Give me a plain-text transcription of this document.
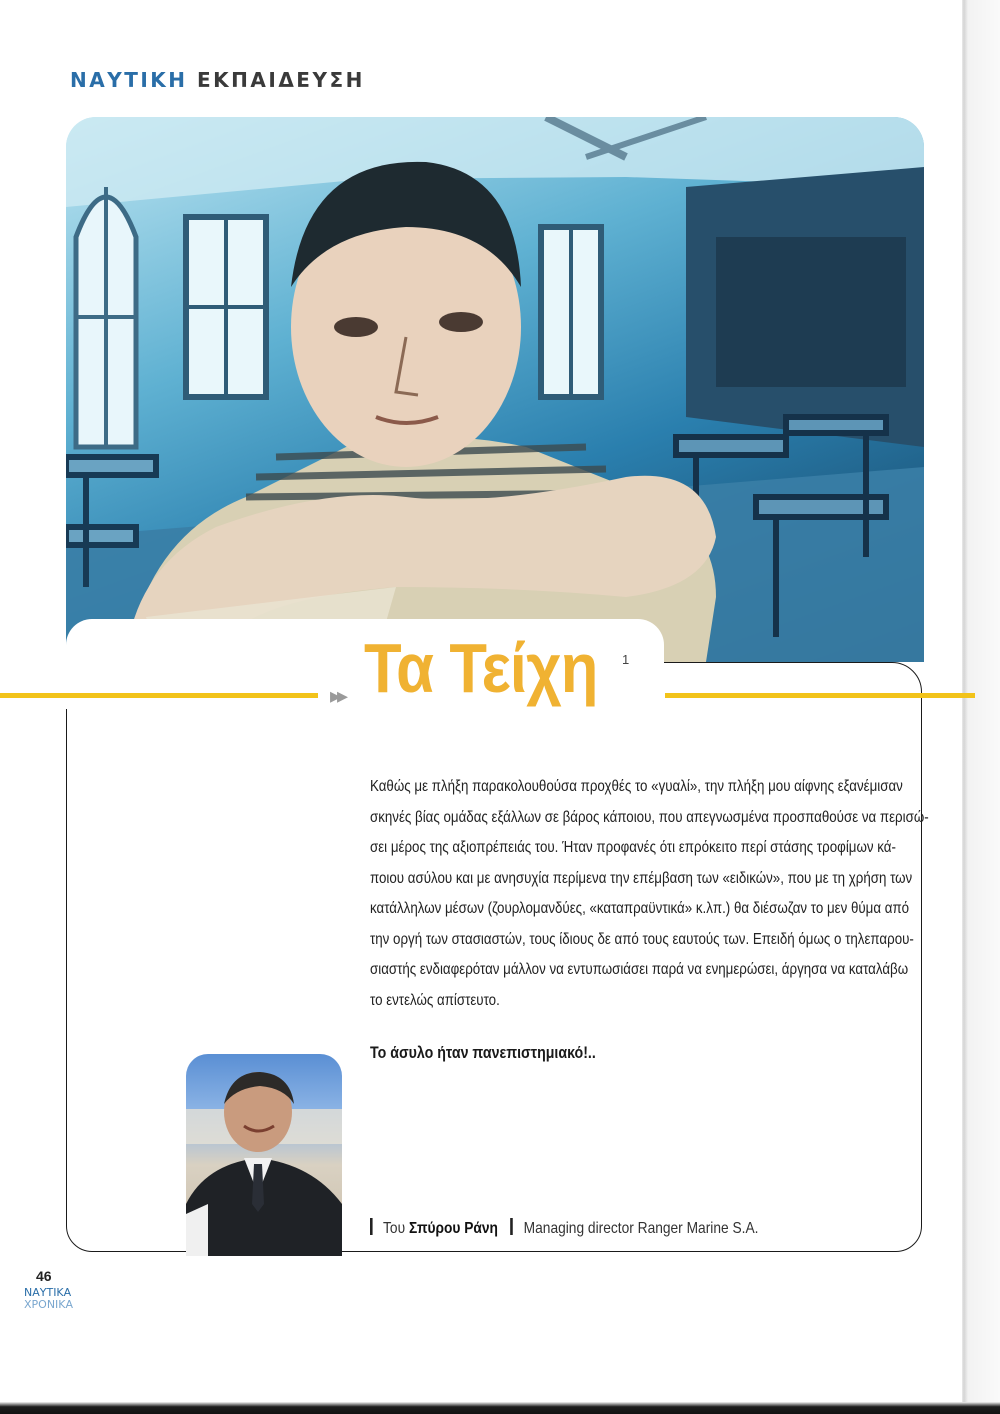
ΝΑΥΤΙΚΗ ΕΚΠΑΙΔΕΥΣΗ
▸▸ Τα Τείχη 1
Καθώς με πλήξη παρακολουθούσα προχθές το «γυαλί», την πλήξη μου αίφνης εξανέμισαν
σκηνές βίας ομάδας εξάλλων σε βάρος κάποιου, που απεγνωσμένα προσπαθούσε να περισώ-
σει μέρος της αξιοπρέπειάς του. Ήταν προφανές ότι επρόκειτο περί στάσης τροφίμων κά-
ποιου ασύλου και με ανησυχία περίμενα την επέμβαση των «ειδικών», που με τη χρήση των
κατάλληλων μέσων (ζουρλομανδύες, «καταπραϋντικά» κ.λπ.) θα διέσωζαν το μεν θύμα από
την οργή των στασιαστών, τους ίδιους δε από τους εαυτούς των. Επειδή όμως ο τηλεπαρου-
σιαστής ενδιαφερόταν μάλλον να εντυπωσιάσει παρά να ενημερώσει, άργησα να καταλάβω
το εντελώς απίστευτο.
Το άσυλο ήταν πανεπιστημιακό!..
Του Σπύρου Ράνη Managing director Ranger Marine S.A.
46
ΝΑΥΤΙΚΑ
ΧΡΟΝΙΚΑ
